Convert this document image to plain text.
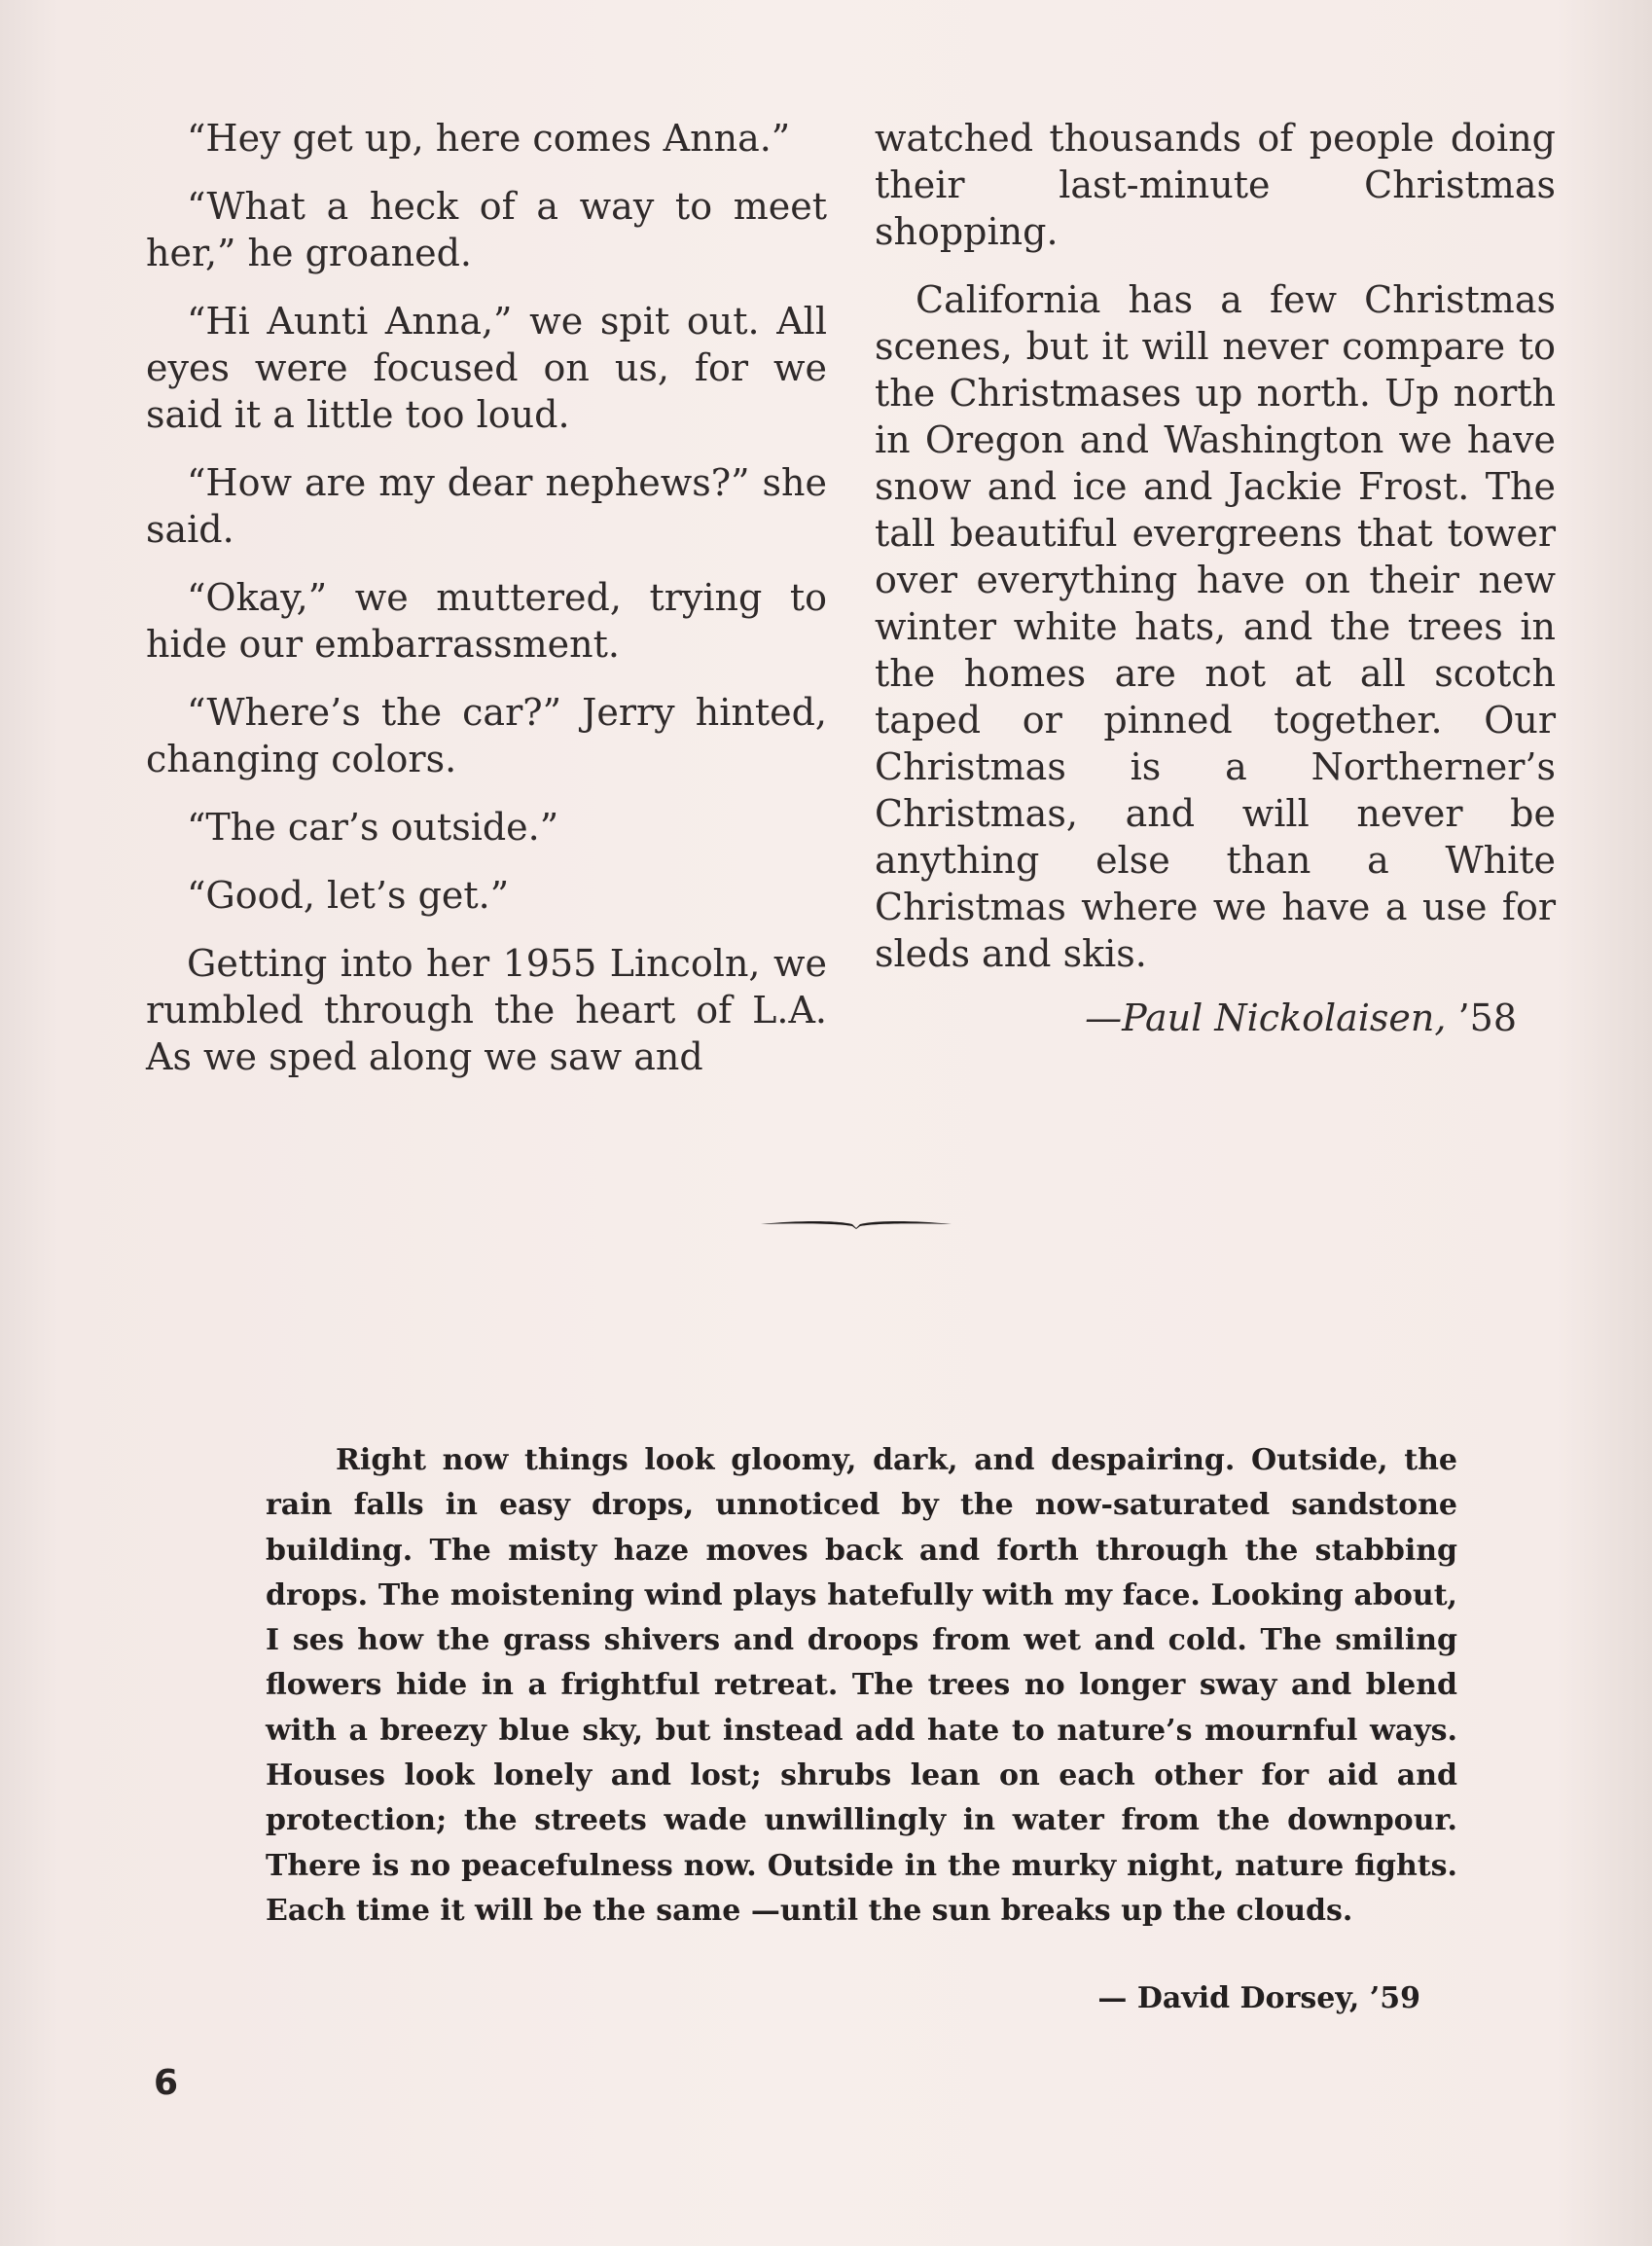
“Hey get up, here comes Anna.”

“What a heck of a way to meet her,” he groaned.

“Hi Aunti Anna,” we spit out. All eyes were focused on us, for we said it a little too loud.

“How are my dear nephews?” she said.

“Okay,” we muttered, trying to hide our embarrassment.

“Where’s the car?” Jerry hinted, changing colors.

“The car’s outside.”

“Good, let’s get.”

Getting into her 1955 Lincoln, we rumbled through the heart of L.A. As we sped along we saw and

watched thousands of people doing their last-minute Christmas shopping.

California has a few Christmas scenes, but it will never compare to the Christmases up north. Up north in Oregon and Washington we have snow and ice and Jackie Frost. The tall beautiful evergreens that tower over everything have on their new winter white hats, and the trees in the homes are not at all scotch taped or pinned together. Our Christmas is a Northerner’s Christmas, and will never be anything else than a White Christmas where we have a use for sleds and skis.

—Paul Nickolaisen, ’58

Right now things look gloomy, dark, and despairing. Outside, the rain falls in easy drops, unnoticed by the now-saturated sandstone building. The misty haze moves back and forth through the stabbing drops. The moistening wind plays hatefully with my face. Looking about, I ses how the grass shivers and droops from wet and cold. The smiling flowers hide in a frightful retreat. The trees no longer sway and blend with a breezy blue sky, but instead add hate to nature’s mournful ways. Houses look lonely and lost; shrubs lean on each other for aid and protection; the streets wade unwillingly in water from the downpour. There is no peacefulness now. Outside in the murky night, nature fights. Each time it will be the same —until the sun breaks up the clouds.

— David Dorsey, ’59
6
